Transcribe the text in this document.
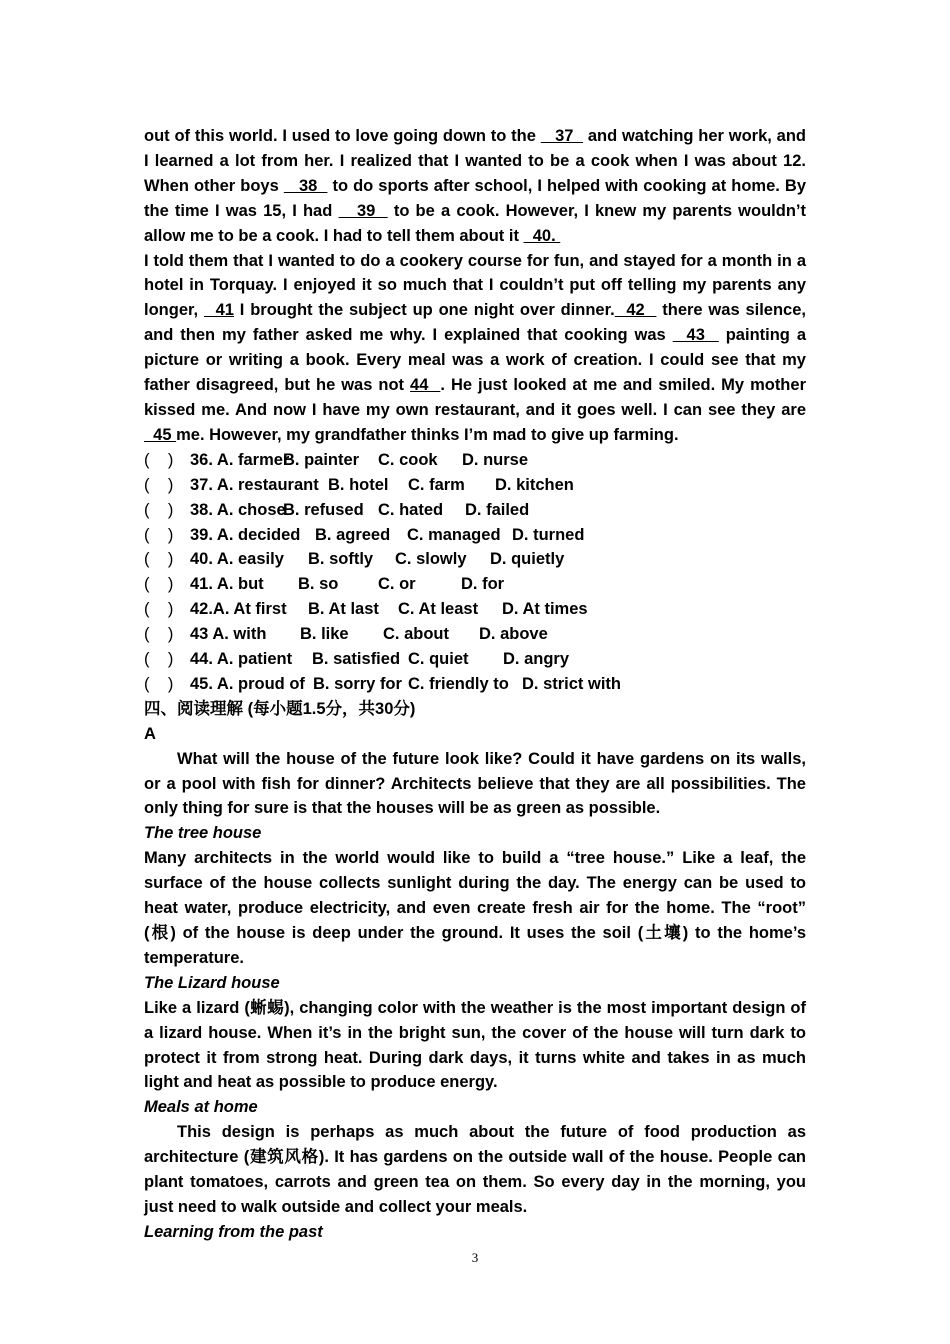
out of this world. I used to love going down to the    37   and watching her work, and I learned a lot from her. I realized that I wanted to be a cook when I was about 12. When other boys    38   to do sports after school, I helped with cooking at home. By the time I was 15, I had    39   to be a cook. However, I knew my parents wouldn’t allow me to be a cook. I had to tell them about it   40.

I told them that I wanted to do a cookery course for fun, and stayed for a month in a hotel in Torquay. I enjoyed it so much that I couldn’t put off telling my parents any longer,   41 I brought the subject up one night over dinner.  42   there was silence, and then my father asked me why. I explained that cooking was   43   painting a picture or writing a book. Every meal was a work of creation. I could see that my father disagreed, but he was not 44  . He just looked at me and smiled. My mother kissed me. And now I have my own restaurant, and it goes well. I can see they are   45 me. However, my grandfather thinks I’m mad to give up farming.

(    ) 36. A. farmerB. painter C. cook D. nurse

(    ) 37. A. restaurant B. hotel C. farm D. kitchen

(    ) 38. A. choseB. refused C. hated D. failed

(    ) 39. A. decided B. agreed C. managed D. turned

(    ) 40. A. easily B. softly C. slowly D. quietly

(    ) 41. A. but B. so C. or	D. for

(    ) 42.A. At first B. At last C. At least D. At times

(    ) 43 A. with B. like C. about D. above

(    ) 44. A. patient B. satisfied C. quiet D. angry

(    ) 45. A. proud of B. sorry for C. friendly to D. strict with

四、阅读理解 (每小题1.5分，共30分)

A

What will the house of the future look like? Could it have gardens on its walls, or a pool with fish for dinner? Architects believe that they are all possibilities. The only thing for sure is that the houses will be as green as possible.

The tree house

Many architects in the world would like to build a “tree house.” Like a leaf, the surface of the house collects sunlight during the day. The energy can be used to heat water, produce electricity, and even create fresh air for the home. The “root” (根) of the house is deep under the ground. It uses the soil (土壤) to the home’s temperature.

The Lizard house

Like a lizard (蜥蜴), changing color with the weather is the most important design of a lizard house. When it’s in the bright sun, the cover of the house will turn dark to protect it from strong heat. During dark days, it turns white and takes in as much light and heat as possible to produce energy.

Meals at home

This design is perhaps as much about the future of food production as architecture (建筑风格). It has gardens on the outside wall of the house. People can plant tomatoes, carrots and green tea on them. So every day in the morning, you just need to walk outside and collect your meals.

Learning from the past

3
